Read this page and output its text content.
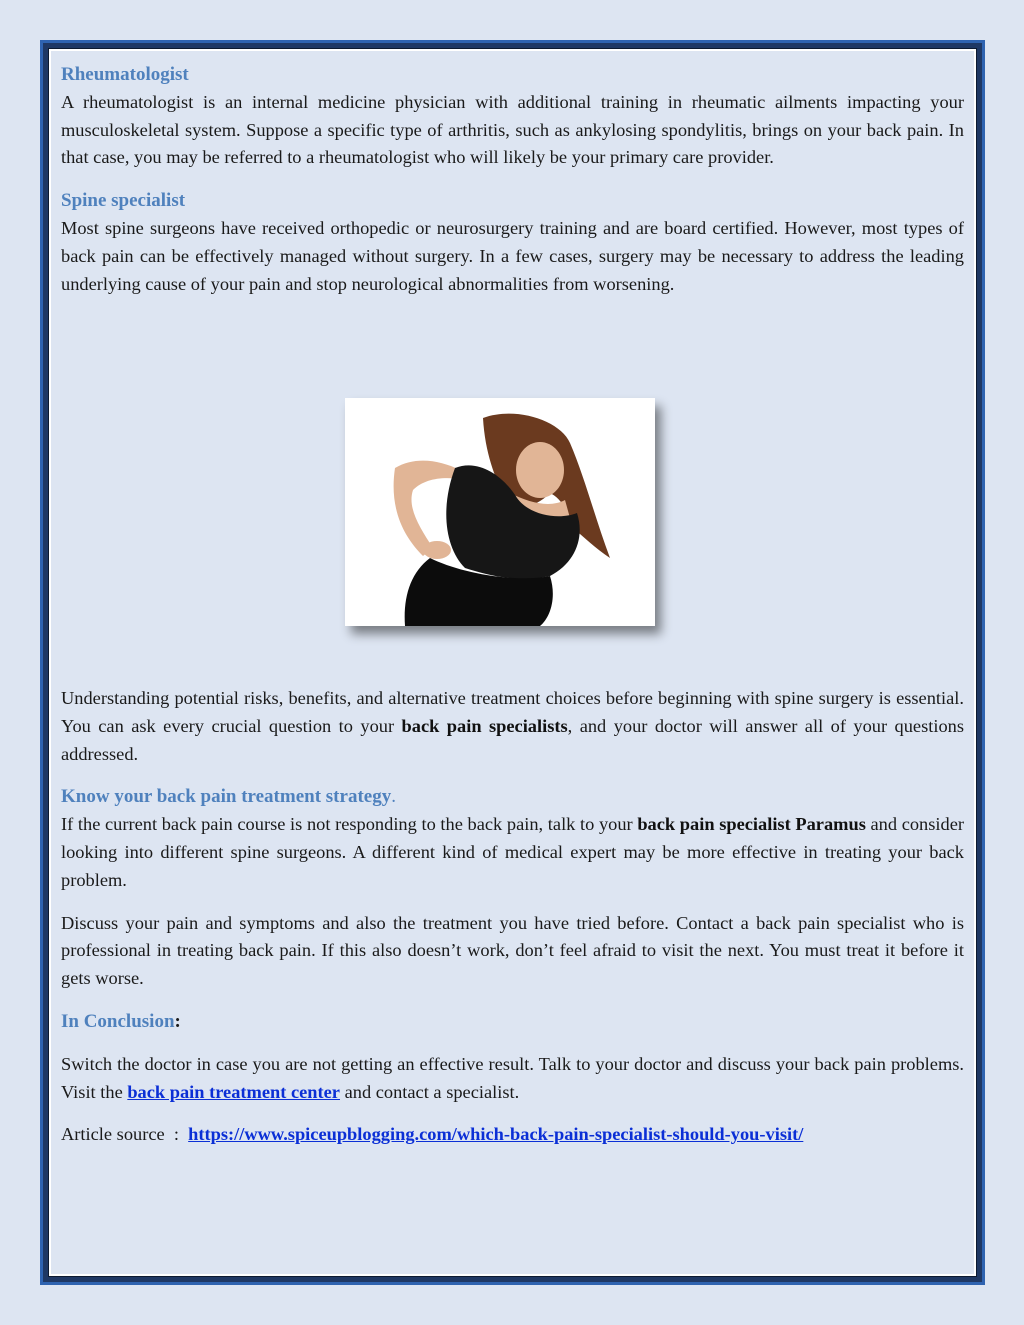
Rheumatologist

A rheumatologist is an internal medicine physician with additional training in rheumatic ailments impacting your musculoskeletal system. Suppose a specific type of arthritis, such as ankylosing spondylitis, brings on your back pain. In that case, you may be referred to a rheumatologist who will likely be your primary care provider.

Spine specialist

Most spine surgeons have received orthopedic or neurosurgery training and are board certified. However, most types of back pain can be effectively managed without surgery. In a few cases, surgery may be necessary to address the leading underlying cause of your pain and stop neurological abnormalities from worsening.

Understanding potential risks, benefits, and alternative treatment choices before beginning with spine surgery is essential. You can ask every crucial question to your back pain specialists, and your doctor will answer all of your questions addressed.

Know your back pain treatment strategy.

If the current back pain course is not responding to the back pain, talk to your back pain specialist Paramus and consider looking into different spine surgeons. A different kind of medical expert may be more effective in treating your back problem.

Discuss your pain and symptoms and also the treatment you have tried before. Contact a back pain specialist who is professional in treating back pain. If this also doesn’t work, don’t feel afraid to visit the next. You must treat it before it gets worse.

In Conclusion:

Switch the doctor in case you are not getting an effective result. Talk to your doctor and discuss your back pain problems. Visit the back pain treatment center and contact a specialist.

Article source  :  https://www.spiceupblogging.com/which-back-pain-specialist-should-you-visit/
